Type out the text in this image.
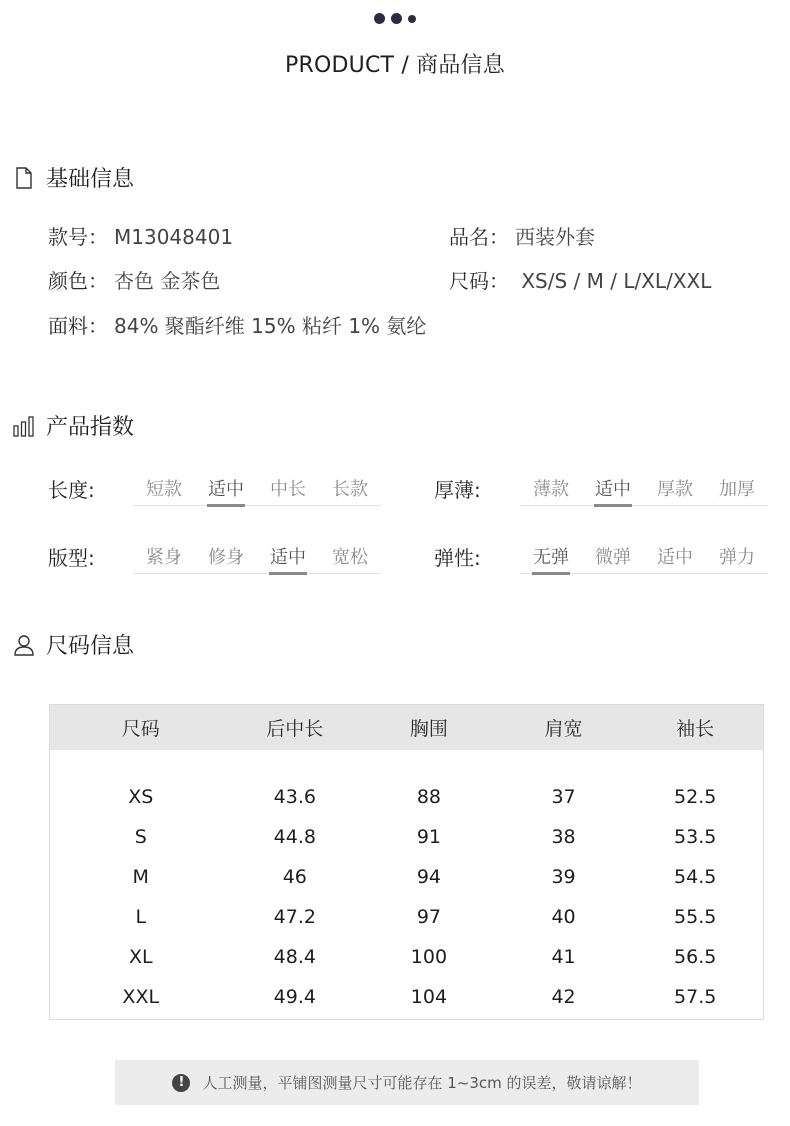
PRODUCT / 商品信息
基础信息
款号： M13048401	品名： 西装外套
颜色： 杏色 金茶色	尺码： XS/S / M / L/XL/XXL
面料： 84% 聚酯纤维 15% 粘纤 1% 氨纶
产品指数
长度:	短款	适中	中长	长款	厚薄:	薄款	适中	厚款	加厚
版型:	紧身	修身	适中	宽松	弹性:	无弹	微弹	适中	弹力
尺码信息
尺码	后中长	胸围	肩宽	袖长
XS	43.6	88	37	52.5
S	44.8	91	38	53.5
M	46	94	39	54.5
L	47.2	97	40	55.5
XL	48.4	100	41	56.5
XXL	49.4	104	42	57.5
!	人工测量，平铺图测量尺寸可能存在 1~3cm 的误差，敬请谅解！
